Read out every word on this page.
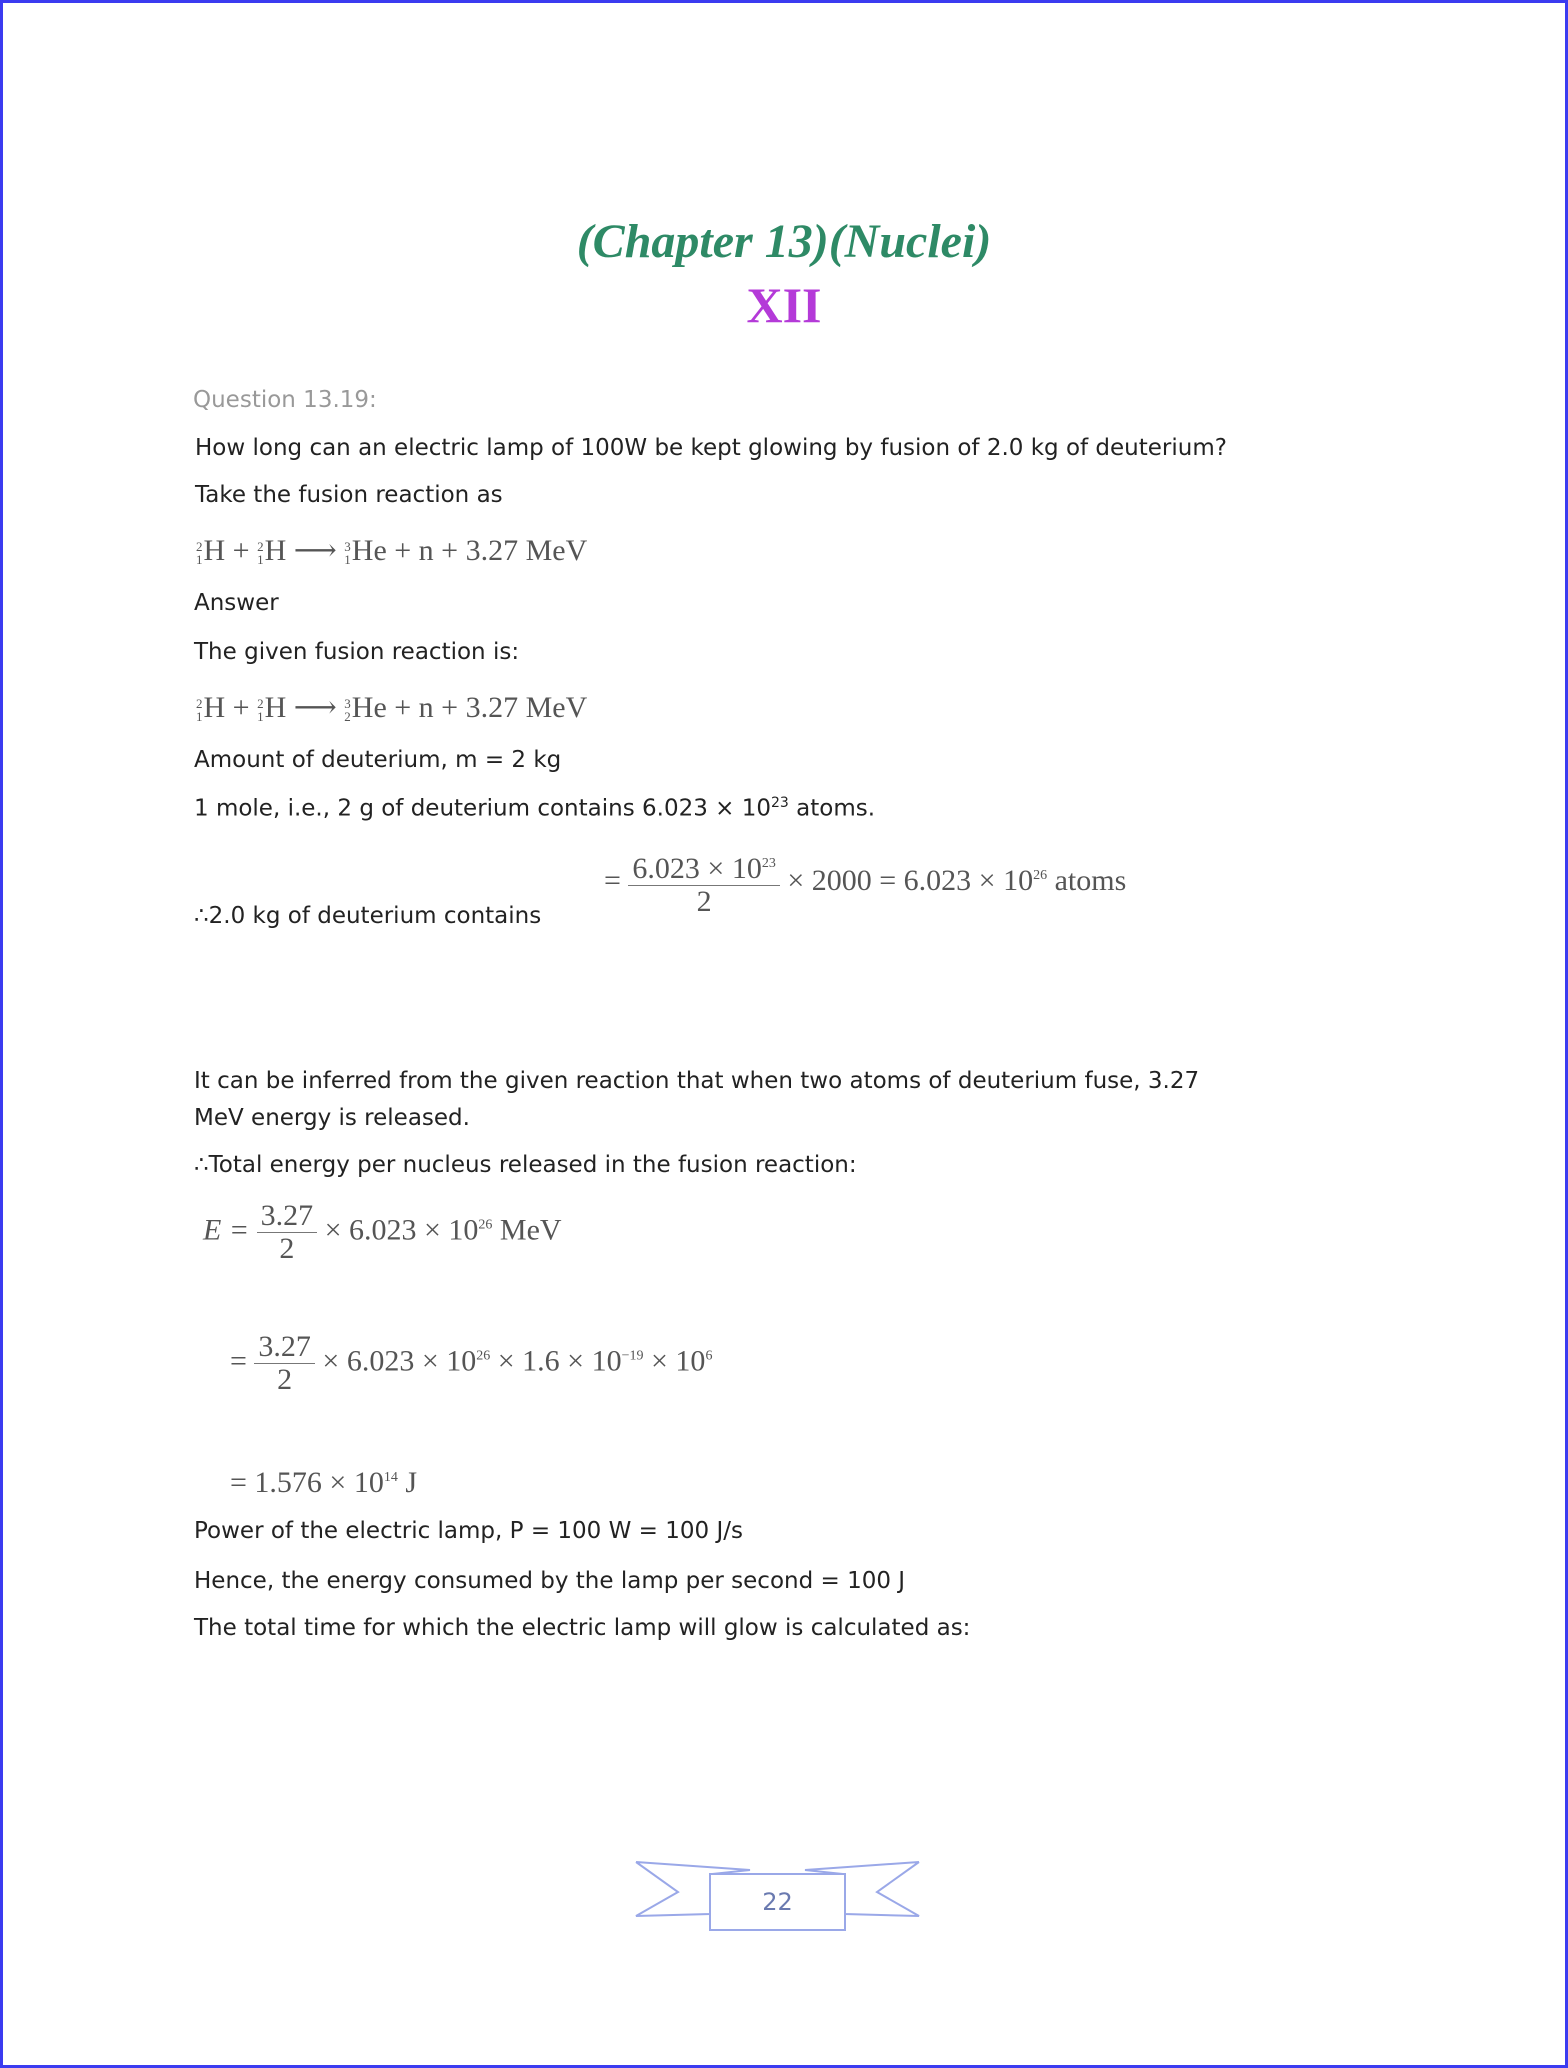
(Chapter 13)(Nuclei)
XII
Question 13.19:
How long can an electric lamp of 100W be kept glowing by fusion of 2.0 kg of deuterium?
Take the fusion reaction as
2
1 H + 2
1 H ⟶ 3
1 He + n + 3.27 MeV
Answer
The given fusion reaction is:
2
1 H + 2
1 H ⟶ 3
2 He + n + 3.27 MeV
Amount of deuterium, m = 2 kg
1 mole, i.e., 2 g of deuterium contains $6.023 \times 10^{23}$ atoms.
= $\frac{6.023 \times 10^{23}}{2} \times 2000 = 6.023 \times 10^{26}$ atoms
∴2.0 kg of deuterium contains
It can be inferred from the given reaction that when two atoms of deuterium fuse, 3.27
MeV energy is released.
∴Total energy per nucleus released in the fusion reaction:
$E = \frac{3.27}{2} \times 6.023 \times 10^{26}$ MeV
= $\frac{3.27}{2} \times 6.023 \times 10^{26} \times 1.6 \times 10^{-19} \times 10^6$
= $1.576 \times 10^{14}$ J
Power of the electric lamp, P = 100 W = 100 J/s
Hence, the energy consumed by the lamp per second = 100 J
The total time for which the electric lamp will glow is calculated as:
22
